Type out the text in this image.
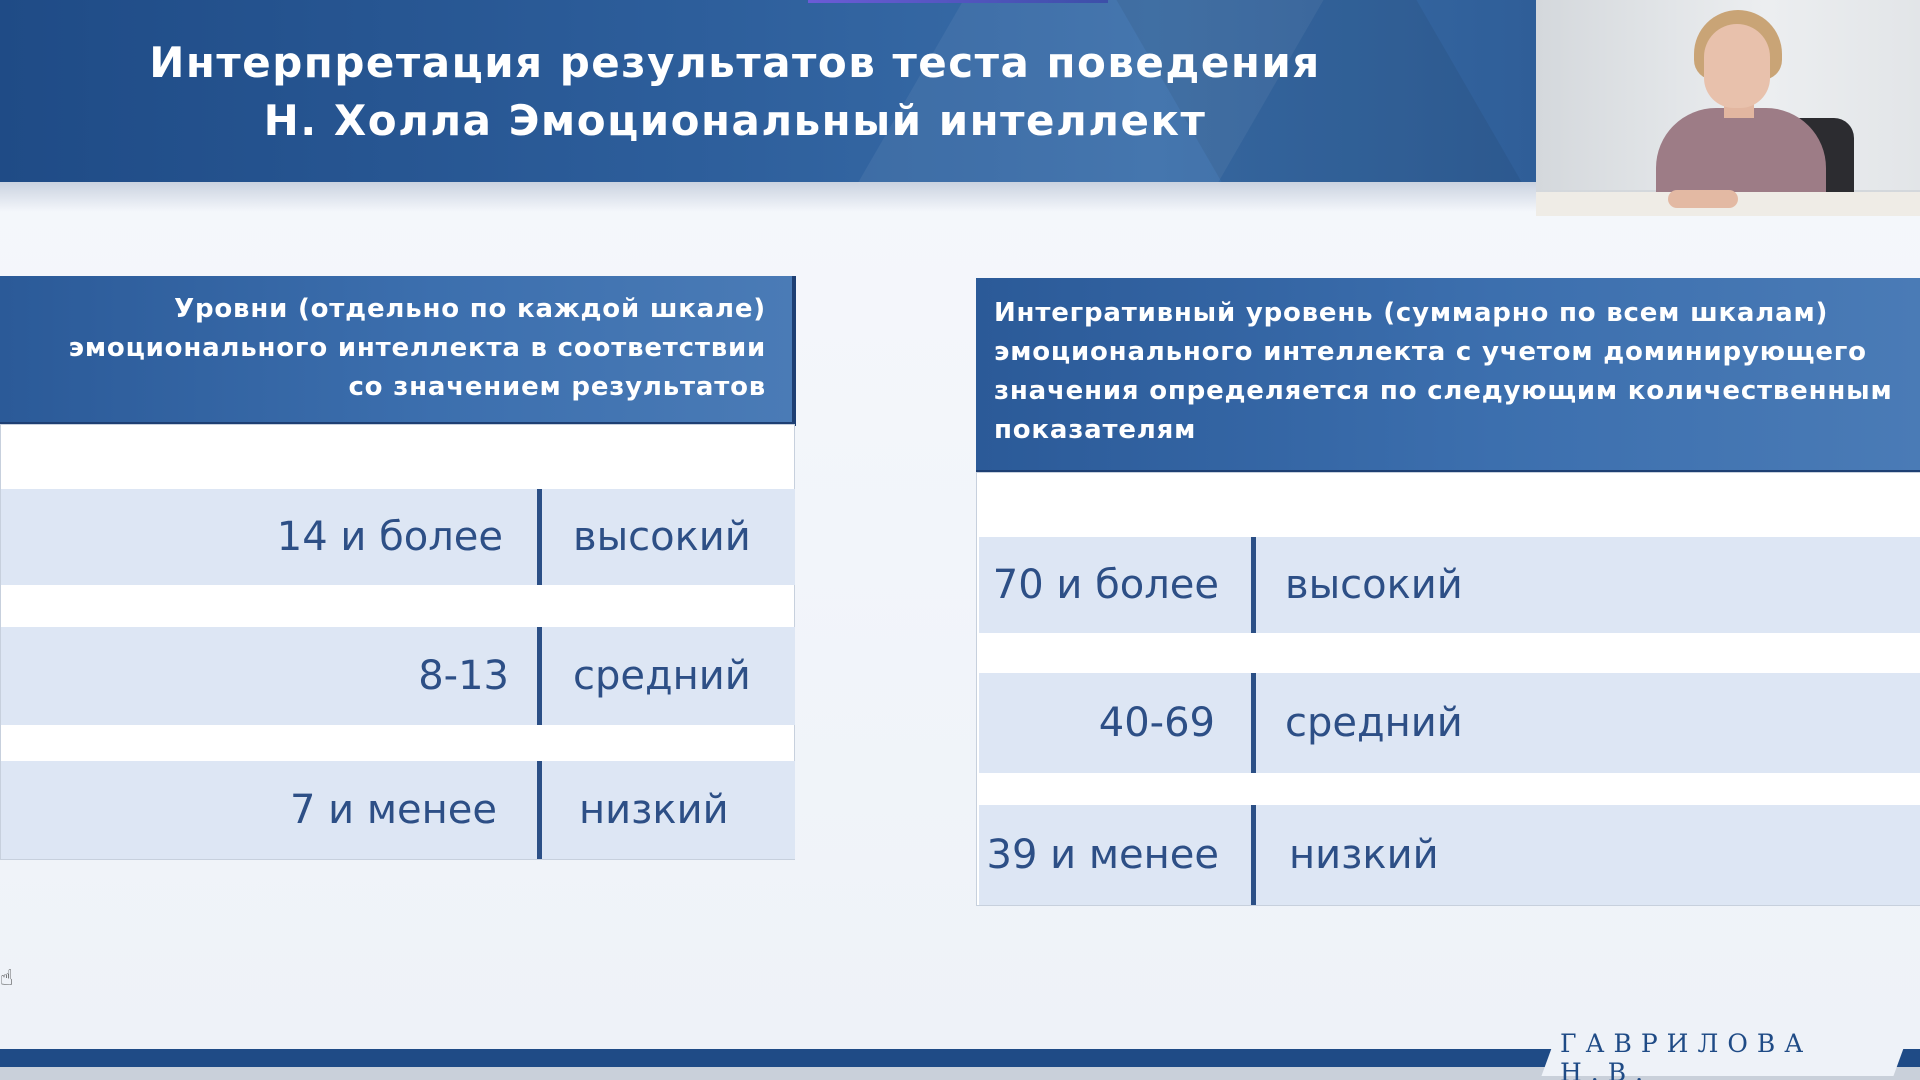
Интерпретация результатов теста поведения Н. Холла Эмоциональный интеллект
Уровни (отдельно по каждой шкале) эмоционального интеллекта в соответствии со значением результатов
14 и более высокий
8-13 средний
7 и менее низкий
Интегративный уровень (суммарно по всем шкалам) эмоционального интеллекта с учетом доминирующего значения определяется по следующим количественным показателям
70 и более высокий
40-69 средний
39 и менее низкий
ГАВРИЛОВА Н.В.
☝
